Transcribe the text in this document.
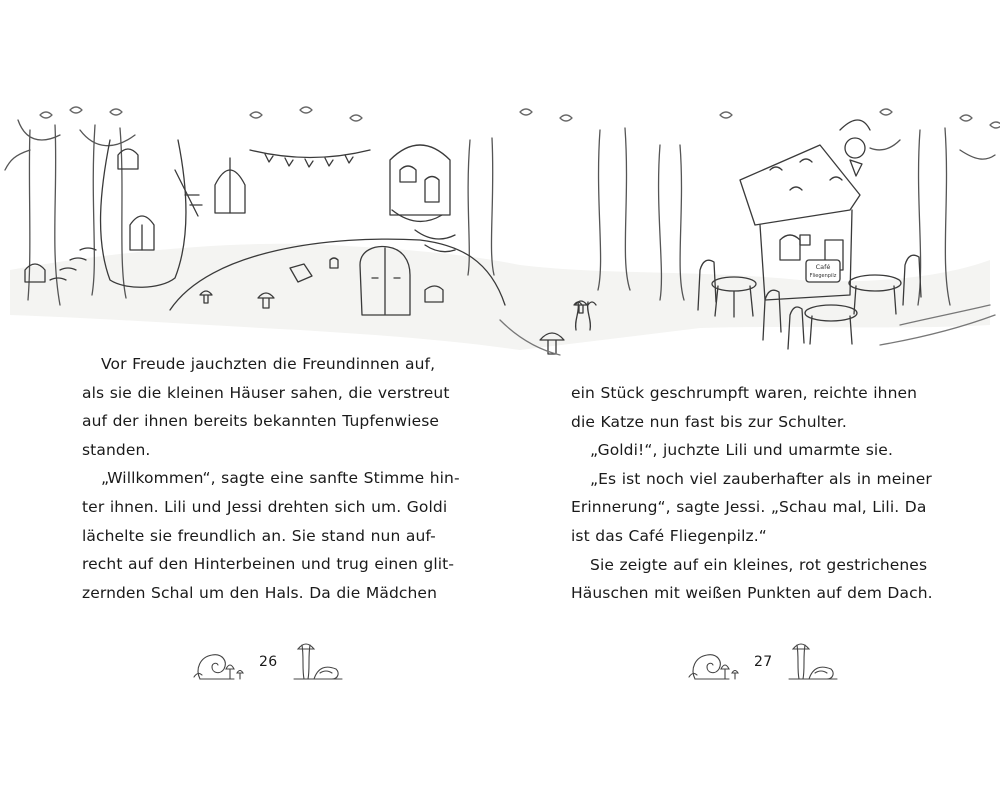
Café
Fliegenpilz

Vor Freude jauchzten die Freundinnen auf,

als sie die kleinen Häuser sahen, die verstreut

auf der ihnen bereits bekannten Tupfenwiese

standen.

„Willkommen“, sagte eine sanfte Stimme hin-

ter ihnen. Lili und Jessi drehten sich um. Goldi

lächelte sie freundlich an. Sie stand nun auf-

recht auf den Hinterbeinen und trug einen glit-

zernden Schal um den Hals. Da die Mädchen

ein Stück geschrumpft waren, reichte ihnen

die Katze nun fast bis zur Schulter.

„Goldi!“, juchzte Lili und umarmte sie.

„Es ist noch viel zauberhafter als in meiner

Erinnerung“, sagte Jessi. „Schau mal, Lili. Da

ist das Café Fliegenpilz.“

Sie zeigte auf ein kleines, rot gestrichenes

Häuschen mit weißen Punkten auf dem Dach.

26	27
